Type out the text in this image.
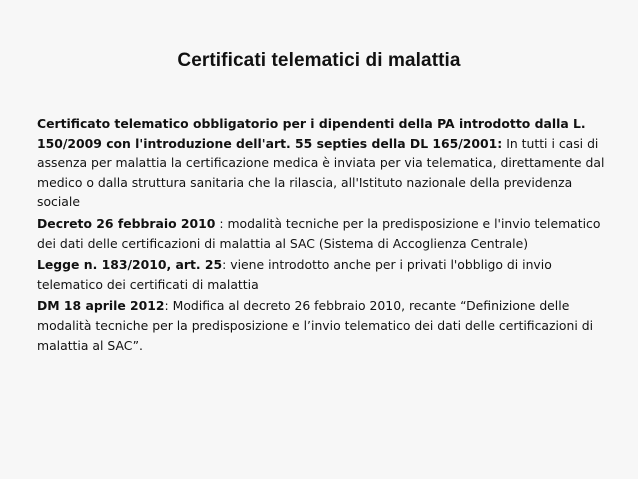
Certificati telematici di malattia

Certificato telematico obbligatorio per i dipendenti della PA introdotto dalla L. 150/2009 con l'introduzione dell'art. 55 septies della DL 165/2001: In tutti i casi di assenza per malattia la certificazione medica è inviata per via telematica, direttamente dal medico o dalla struttura sanitaria che la rilascia, all'Istituto nazionale della previdenza sociale

Decreto 26 febbraio 2010 : modalità tecniche per la predisposizione e l'invio telematico dei dati delle certificazioni di malattia al SAC (Sistema di Accoglienza Centrale)

Legge n. 183/2010, art. 25: viene introdotto anche per i privati l'obbligo di invio telematico dei certificati di malattia

DM 18 aprile 2012: Modifica al decreto 26 febbraio 2010, recante “Definizione delle modalità tecniche per la predisposizione e l’invio telematico dei dati delle certificazioni di malattia al SAC”.
